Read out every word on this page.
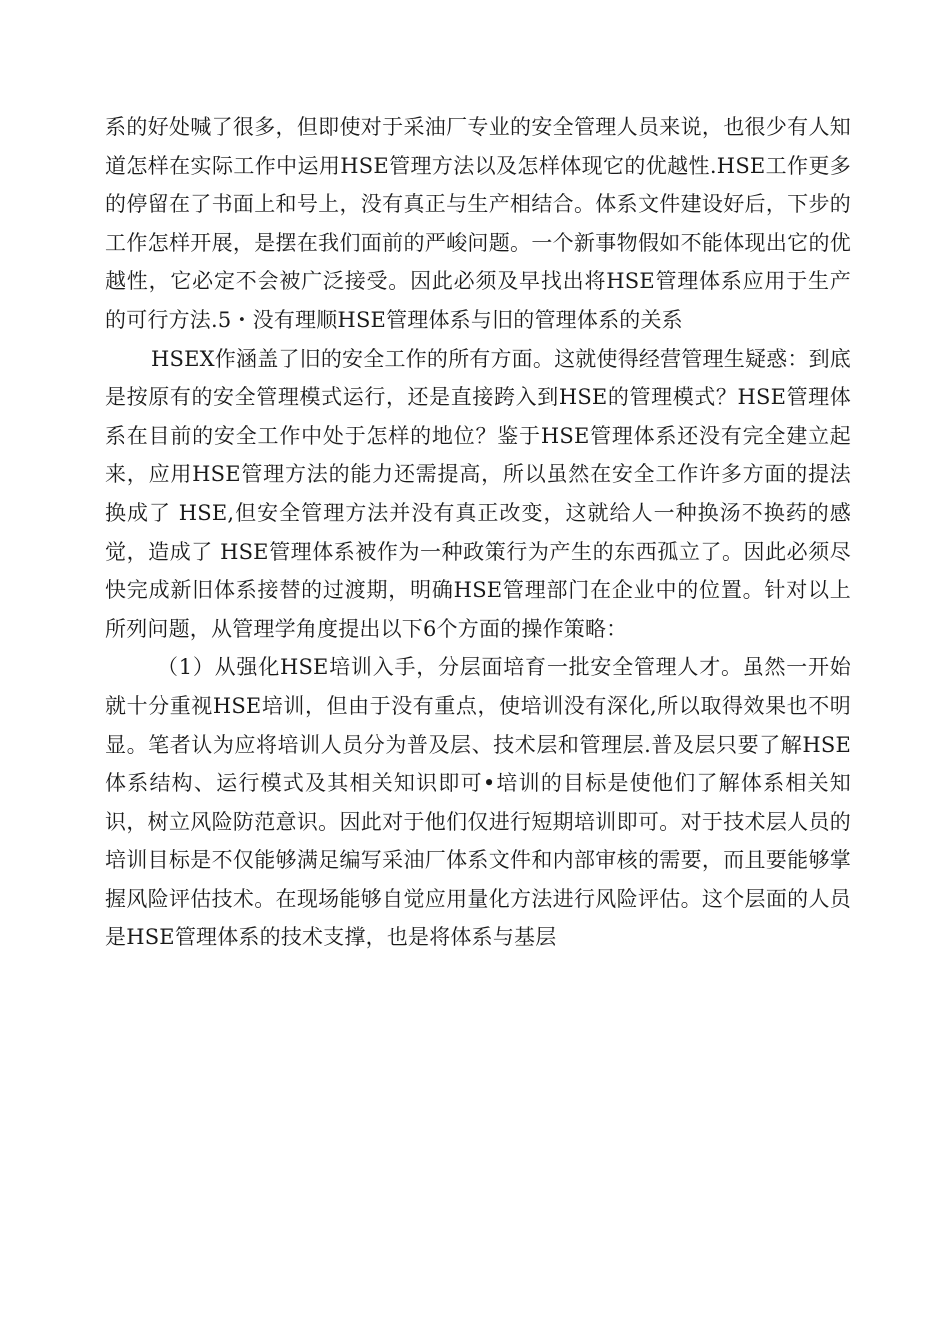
系的好处喊了很多，但即使对于采油厂专业的安全管理人员来说，也很少有人知道怎样在实际工作中运用HSE管理方法以及怎样体现它的优越性.HSE工作更多的停留在了书面上和号上，没有真正与生产相结合。体系文件建设好后，下步的工作怎样开展，是摆在我们面前的严峻问题。一个新事物假如不能体现出它的优越性，它必定不会被广泛接受。因此必须及早找出将HSE管理体系应用于生产的可行方法.5・没有理顺HSE管理体系与旧的管理体系的关系

HSEX作涵盖了旧的安全工作的所有方面。这就使得经营管理生疑惑：到底是按原有的安全管理模式运行，还是直接跨入到HSE的管理模式？HSE管理体系在目前的安全工作中处于怎样的地位？鉴于HSE管理体系还没有完全建立起来，应用HSE管理方法的能力还需提高，所以虽然在安全工作许多方面的提法换成了 HSE,但安全管理方法并没有真正改变，这就给人一种换汤不换药的感觉，造成了 HSE管理体系被作为一种政策行为产生的东西孤立了。因此必须尽快完成新旧体系接替的过渡期，明确HSE管理部门在企业中的位置。针对以上所列问题，从管理学角度提出以下6个方面的操作策略：

（1）从强化HSE培训入手，分层面培育一批安全管理人才。虽然一开始就十分重视HSE培训，但由于没有重点，使培训没有深化,所以取得效果也不明显。笔者认为应将培训人员分为普及层、技术层和管理层.普及层只要了解HSE体系结构、运行模式及其相关知识即可•培训的目标是使他们了解体系相关知识，树立风险防范意识。因此对于他们仅进行短期培训即可。对于技术层人员的培训目标是不仅能够满足编写采油厂体系文件和内部审核的需要，而且要能够掌握风险评估技术。在现场能够自觉应用量化方法进行风险评估。这个层面的人员是HSE管理体系的技术支撑，也是将体系与基层
